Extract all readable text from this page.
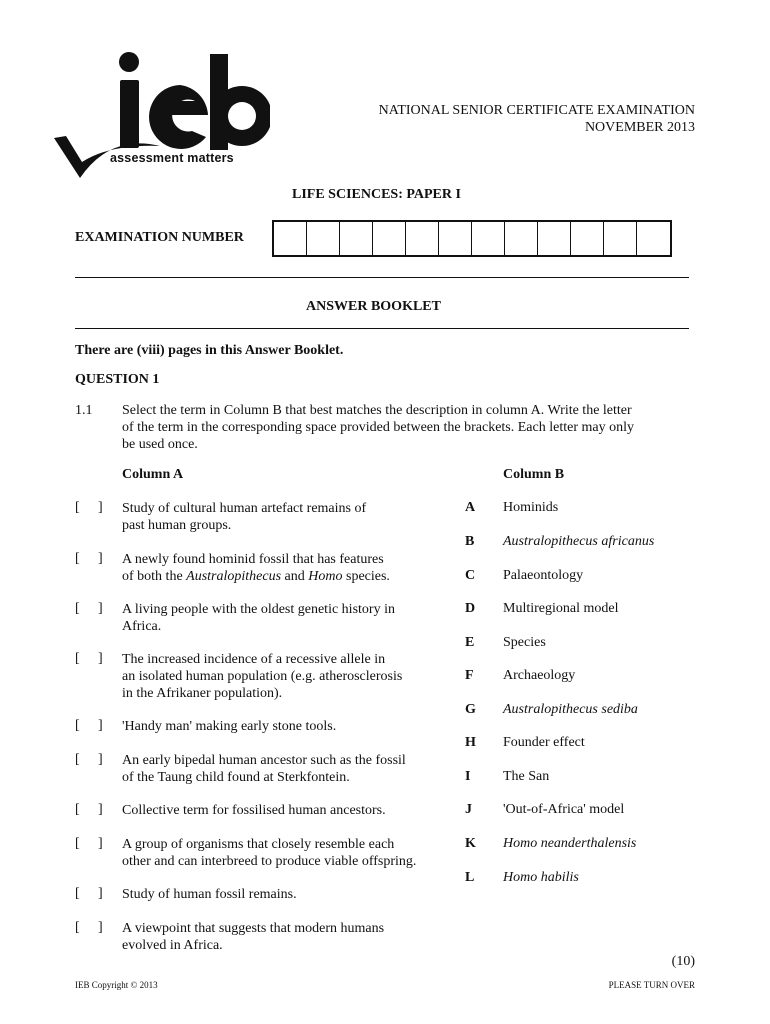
assessment matters
NATIONAL SENIOR CERTIFICATE EXAMINATION
NOVEMBER 2013
LIFE SCIENCES: PAPER I
EXAMINATION NUMBER
ANSWER BOOKLET
There are (viii) pages in this Answer Booklet.
QUESTION 1
1.1 Select the term in Column B that best matches the description in column A. Write the letter
of the term in the corresponding space provided between the brackets. Each letter may only
be used once.
Column A	Column B
[ ] Study of cultural human artefact remains of
past human groups.
[ ] A newly found hominid fossil that has features
of both the Australopithecus and Homo species.
[ ] A living people with the oldest genetic history in
Africa.
[ ] The increased incidence of a recessive allele in
an isolated human population (e.g. atherosclerosis
in the Afrikaner population).
[ ] 'Handy man' making early stone tools.
[ ] An early bipedal human ancestor such as the fossil
of the Taung child found at Sterkfontein.
[ ] Collective term for fossilised human ancestors.
[ ] A group of organisms that closely resemble each
other and can interbreed to produce viable offspring.
[ ] Study of human fossil remains.
[ ] A viewpoint that suggests that modern humans
evolved in Africa.
A Hominids
B Australopithecus africanus
C Palaeontology
D Multiregional model
E Species
F Archaeology
G Australopithecus sediba
H Founder effect
I The San
J 'Out-of-Africa' model
K Homo neanderthalensis
L Homo habilis
(10)
IEB Copyright © 2013	PLEASE TURN OVER
